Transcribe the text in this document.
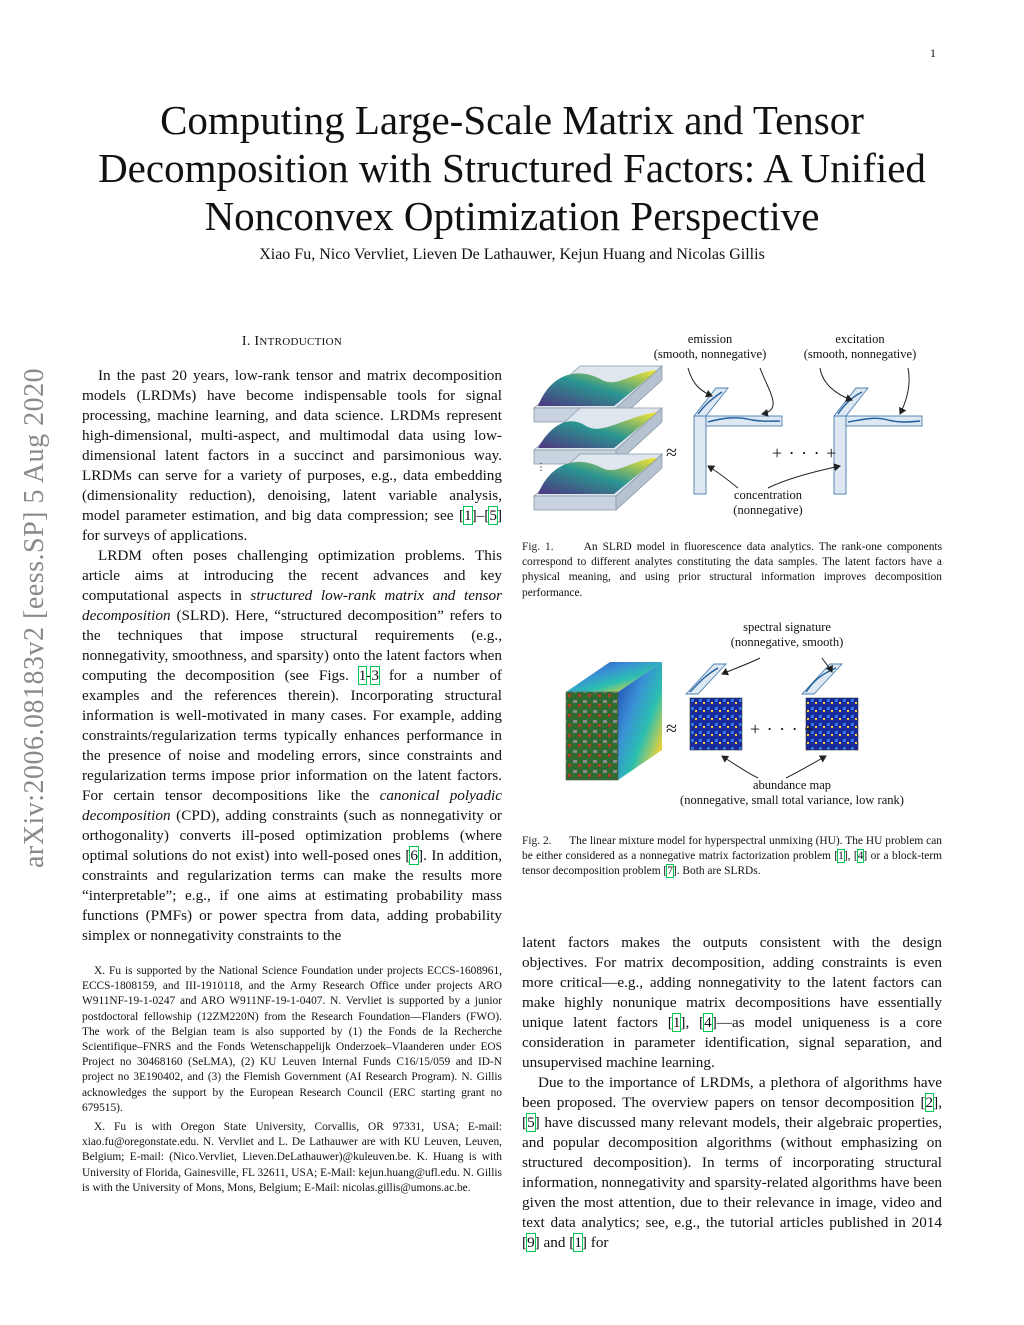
1
Computing Large-Scale Matrix and Tensor
Decomposition with Structured Factors: A Unified
Nonconvex Optimization Perspective
Xiao Fu, Nico Vervliet, Lieven De Lathauwer, Kejun Huang and Nicolas Gillis
arXiv:2006.08183v2 [eess.SP] 5 Aug 2020
I. INTRODUCTION

In the past 20 years, low-rank tensor and matrix decomposition models (LRDMs) have become indispensable tools for signal processing, machine learning, and data science. LRDMs represent high-dimensional, multi-aspect, and multimodal data using low-dimensional latent factors in a succinct and parsimonious way. LRDMs can serve for a variety of purposes, e.g., data embedding (dimensionality reduction), denoising, latent variable analysis, model parameter estimation, and big data compression; see [1]–[5] for surveys of applications.

LRDM often poses challenging optimization problems. This article aims at introducing the recent advances and key computational aspects in structured low-rank matrix and tensor decomposition (SLRD). Here, “structured decomposition” refers to the techniques that impose structural requirements (e.g., nonnegativity, smoothness, and sparsity) onto the latent factors when computing the decomposition (see Figs. 1-3 for a number of examples and the references therein). Incorporating structural information is well-motivated in many cases. For example, adding constraints/regularization terms typically enhances performance in the presence of noise and modeling errors, since constraints and regularization terms impose prior information on the latent factors. For certain tensor decompositions like the canonical polyadic decomposition (CPD), adding constraints (such as nonnegativity or orthogonality) converts ill-posed optimization problems (where optimal solutions do not exist) into well-posed ones [6]. In addition, constraints and regularization terms can make the results more “interpretable”; e.g., if one aims at estimating probability mass functions (PMFs) or power spectra from data, adding probability simplex or nonnegativity constraints to the

X. Fu is supported by the National Science Foundation under projects ECCS-1608961, ECCS-1808159, and III-1910118, and the Army Research Office under projects ARO W911NF-19-1-0247 and ARO W911NF-19-1-0407. N. Vervliet is supported by a junior postdoctoral fellowship (12ZM220N) from the Research Foundation—Flanders (FWO). The work of the Belgian team is also supported by (1) the Fonds de la Recherche Scientifique–FNRS and the Fonds Wetenschappelijk Onderzoek–Vlaanderen under EOS Project no 30468160 (SeLMA), (2) KU Leuven Internal Funds C16/15/059 and ID-N project no 3E190402, and (3) the Flemish Government (AI Research Program). N. Gillis acknowledges the support by the European Research Council (ERC starting grant no 679515).

X. Fu is with Oregon State University, Corvallis, OR 97331, USA; E-mail: xiao.fu@oregonstate.edu. N. Vervliet and L. De Lathauwer are with KU Leuven, Leuven, Belgium; E-mail: (Nico.Vervliet, Lieven.DeLathauwer)@kuleuven.be. K. Huang is with University of Florida, Gainesville, FL 32611, USA; E-Mail: kejun.huang@ufl.edu. N. Gillis is with the University of Mons, Mons, Belgium; E-Mail: nicolas.gillis@umons.ac.be.

⋮
emission
(smooth, nonnegative)
excitation
(smooth, nonnegative)
≈	+ · · · +
concentration
(nonnegative)
Fig. 1.	An SLRD model in fluorescence data analytics. The rank-one components correspond to different analytes constituting the data samples. The latent factors have a physical meaning, and using prior structural information improves decomposition performance.
spectral signature
(nonnegative, smooth)
≈	+ · · · +
abundance map
(nonnegative, small total variance, low rank)
Fig. 2. The linear mixture model for hyperspectral unmixing (HU). The HU problem can be either considered as a nonnegative matrix factorization problem [1], [4] or a block-term tensor decomposition problem [7]. Both are SLRDs.

latent factors makes the outputs consistent with the design objectives. For matrix decomposition, adding constraints is even more critical—e.g., adding nonnegativity to the latent factors can make highly nonunique matrix decompositions have essentially unique latent factors [1], [4]—as model uniqueness is a core consideration in parameter identification, signal separation, and unsupervised machine learning.

Due to the importance of LRDMs, a plethora of algorithms have been proposed. The overview papers on tensor decomposition [2], [5] have discussed many relevant models, their algebraic properties, and popular decomposition algorithms (without emphasizing on structured decomposition). In terms of incorporating structural information, nonnegativity and sparsity-related algorithms have been given the most attention, due to their relevance in image, video and text data analytics; see, e.g., the tutorial articles published in 2014 [9] and [1] for
